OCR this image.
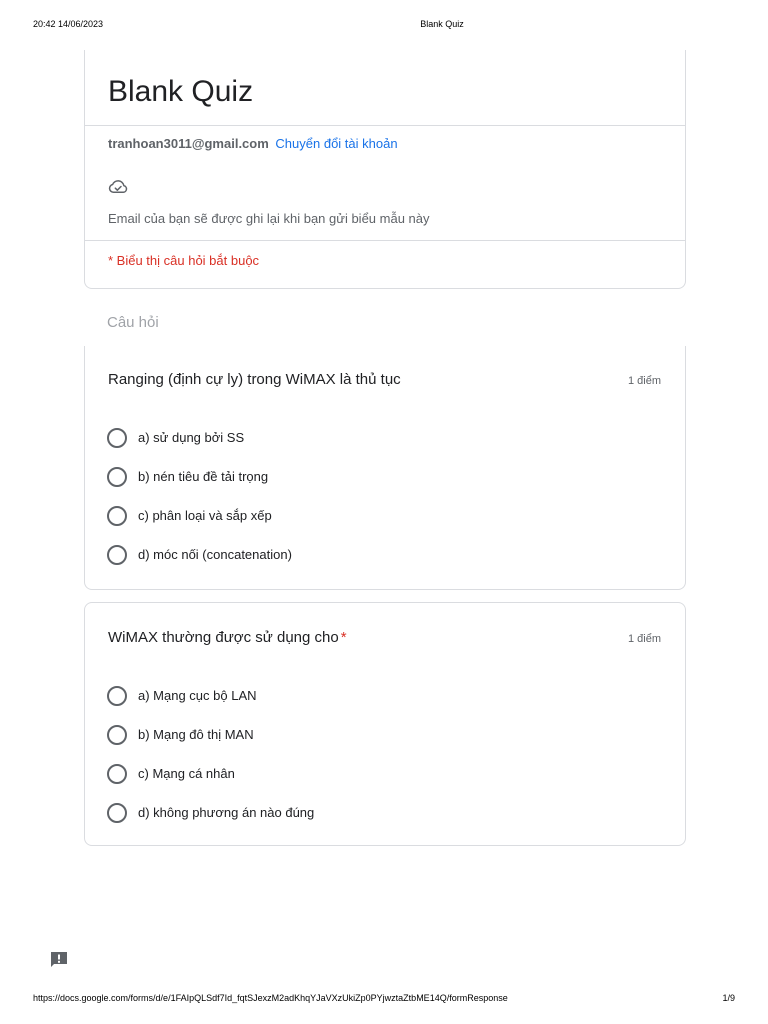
20:42 14/06/2023	Blank Quiz
Blank Quiz
tranhoan3011@gmail.com Chuyển đổi tài khoản
Email của bạn sẽ được ghi lại khi bạn gửi biểu mẫu này
* Biểu thị câu hỏi bắt buộc
Câu hỏi
Ranging (định cự ly) trong WiMAX là thủ tục	1 điểm
a) sử dụng bởi SS
b) nén tiêu đề tải trọng
c) phân loại và sắp xếp
d) móc nối (concatenation)
WiMAX thường được sử dụng cho *	1 điểm
a) Mạng cục bộ LAN
b) Mạng đô thị MAN
c) Mạng cá nhân
d) không phương án nào đúng
https://docs.google.com/forms/d/e/1FAIpQLSdf7Id_fqtSJexzM2adKhqYJaVXzUkiZp0PYjwztaZtbME14Q/formResponse	1/9
